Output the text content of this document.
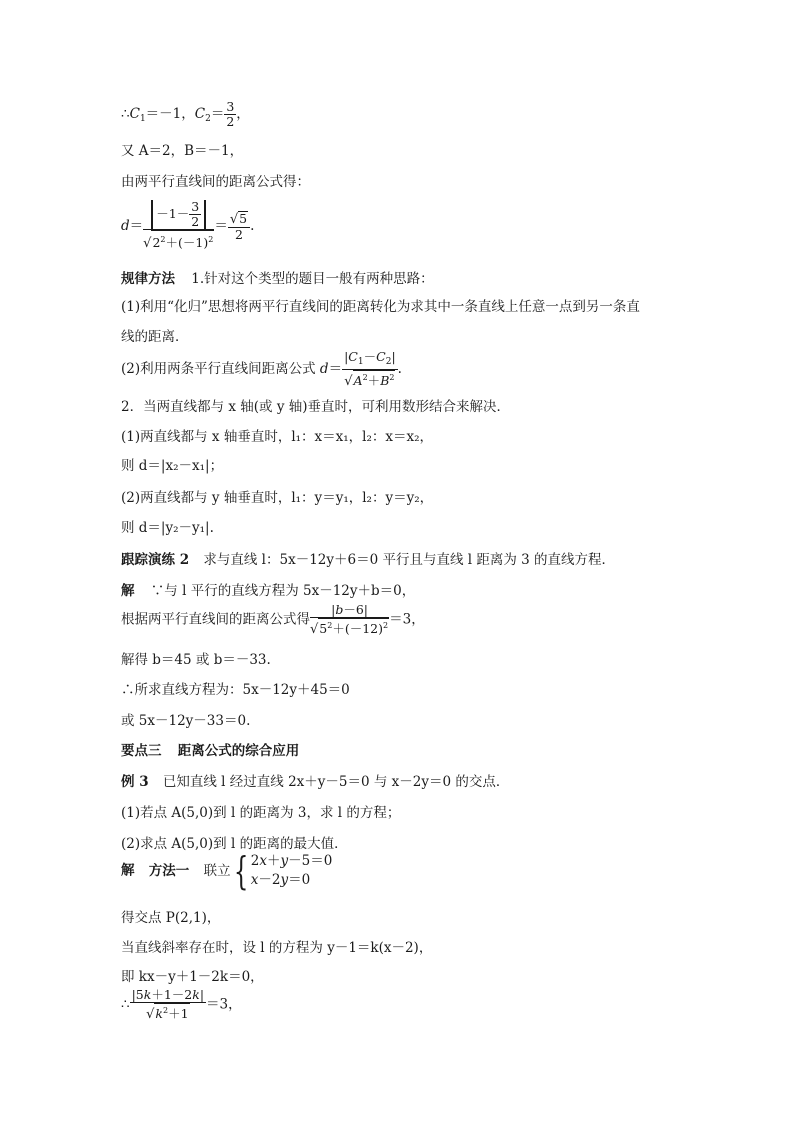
$\therefore C_1=-1$，$C_2= \frac{3}{2}$ ，
又 A＝2，B＝－1，
由两平行直线间的距离公式得：
$d= \frac{-1- \frac{3}{2}}{√2^2+(-1)^2} = \frac{√5}{2}$ .
规律方法 1.针对这个类型的题目一般有两种思路：
(1)利用“化归”思想将两平行直线间的距离转化为求其中一条直线上任意一点到另一条直
线的距离．
(2)利用两条平行直线间距离公式 $d= \frac{|C_1-C_2|}{√A^2+B^2}$ .
2．当两直线都与 x 轴(或 y 轴)垂直时，可利用数形结合来解决．
(1)两直线都与 x 轴垂直时，l₁：x＝x₁，l₂：x＝x₂，
则 d＝|x₂－x₁|；
(2)两直线都与 y 轴垂直时，l₁：y＝y₁，l₂：y＝y₂，
则 d＝|y₂－y₁|.
跟踪演练 2 求与直线 l：5x－12y＋6＝0 平行且与直线 l 距离为 3 的直线方程．
解 ∵与 l 平行的直线方程为 5x－12y＋b＝0，
根据两平行直线间的距离公式得 $\frac{|b-6|}{√5^2+(-12)^2} =3$，
解得 b＝45 或 b＝－33.
∴所求直线方程为：5x－12y＋45＝0
或 5x－12y－33＝0.
要点三 距离公式的综合应用
例 3 已知直线 l 经过直线 2x＋y－5＝0 与 x－2y＝0 的交点．
(1)若点 A(5,0)到 l 的距离为 3，求 l 的方程；
(2)求点 A(5,0)到 l 的距离的最大值．
解 方法一 联立{ 2x＋y－5＝0
x－2y＝0
得交点 P(2,1)，
当直线斜率存在时，设 l 的方程为 y－1＝k(x－2)，
即 kx－y＋1－2k＝0，
∴ $\frac{|5k+1-2k|}{√k^2+1} =3$，
